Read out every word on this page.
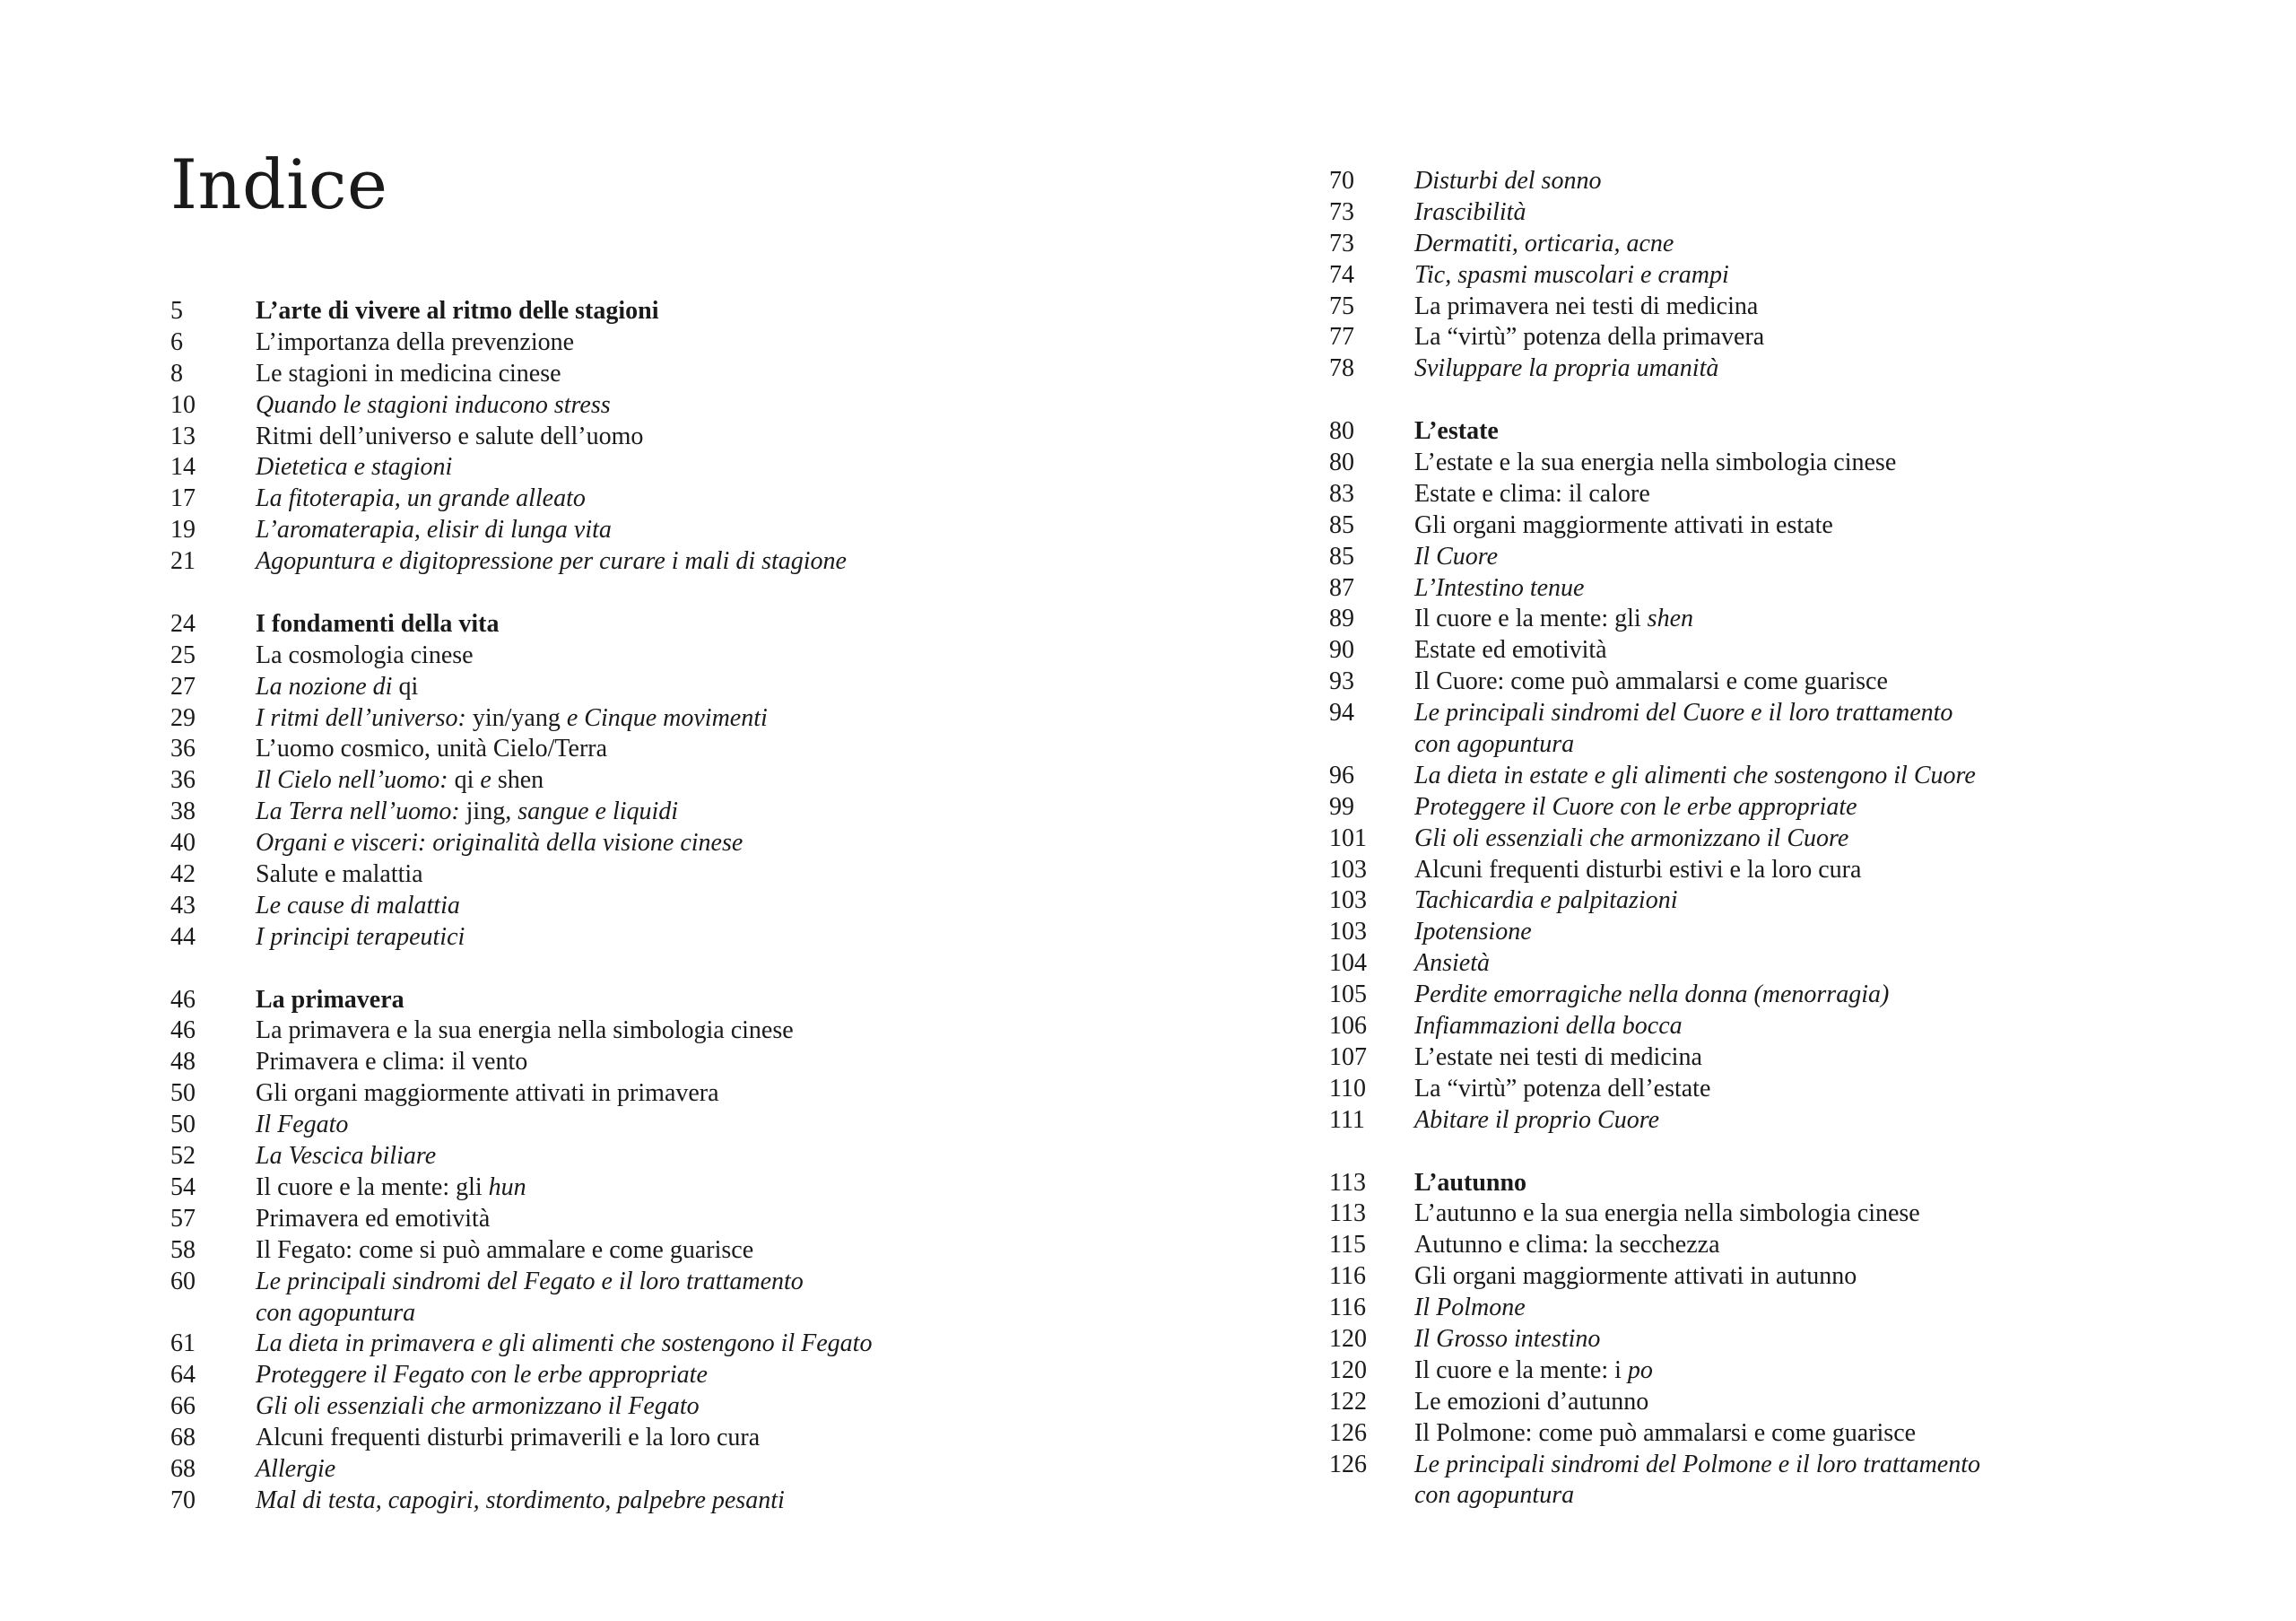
Indice
5	L’arte di vivere al ritmo delle stagioni
6	L’importanza della prevenzione
8	Le stagioni in medicina cinese
10	Quando le stagioni inducono stress
13	Ritmi dell’universo e salute dell’uomo
14	Dietetica e stagioni
17	La fitoterapia, un grande alleato
19	L’aromaterapia, elisir di lunga vita
21	Agopuntura e digitopressione per curare i mali di stagione
24	I fondamenti della vita
25	La cosmologia cinese
27	La nozione di qi
29	I ritmi dell’universo: yin/yang e Cinque movimenti
36	L’uomo cosmico, unità Cielo/Terra
36	Il Cielo nell’uomo: qi e shen
38	La Terra nell’uomo: jing, sangue e liquidi
40	Organi e visceri: originalità della visione cinese
42	Salute e malattia
43	Le cause di malattia
44	I principi terapeutici
46	La primavera
46	La primavera e la sua energia nella simbologia cinese
48	Primavera e clima: il vento
50	Gli organi maggiormente attivati in primavera
50	Il Fegato
52	La Vescica biliare
54	Il cuore e la mente: gli hun
57	Primavera ed emotività
58	Il Fegato: come si può ammalare e come guarisce
60	Le principali sindromi del Fegato e il loro trattamento
con agopuntura
61	La dieta in primavera e gli alimenti che sostengono il Fegato
64	Proteggere il Fegato con le erbe appropriate
66	Gli oli essenziali che armonizzano il Fegato
68	Alcuni frequenti disturbi primaverili e la loro cura
68	Allergie
70	Mal di testa, capogiri, stordimento, palpebre pesanti
70	Disturbi del sonno
73	Irascibilità
73	Dermatiti, orticaria, acne
74	Tic, spasmi muscolari e crampi
75	La primavera nei testi di medicina
77	La “virtù” potenza della primavera
78	Sviluppare la propria umanità
80	L’estate
80	L’estate e la sua energia nella simbologia cinese
83	Estate e clima: il calore
85	Gli organi maggiormente attivati in estate
85	Il Cuore
87	L’Intestino tenue
89	Il cuore e la mente: gli shen
90	Estate ed emotività
93	Il Cuore: come può ammalarsi e come guarisce
94	Le principali sindromi del Cuore e il loro trattamento
con agopuntura
96	La dieta in estate e gli alimenti che sostengono il Cuore
99	Proteggere il Cuore con le erbe appropriate
101	Gli oli essenziali che armonizzano il Cuore
103	Alcuni frequenti disturbi estivi e la loro cura
103	Tachicardia e palpitazioni
103	Ipotensione
104	Ansietà
105	Perdite emorragiche nella donna (menorragia)
106	Infiammazioni della bocca
107	L’estate nei testi di medicina
110	La “virtù” potenza dell’estate
111	Abitare il proprio Cuore
113	L’autunno
113	L’autunno e la sua energia nella simbologia cinese
115	Autunno e clima: la secchezza
116	Gli organi maggiormente attivati in autunno
116	Il Polmone
120	Il Grosso intestino
120	Il cuore e la mente: i po
122	Le emozioni d’autunno
126	Il Polmone: come può ammalarsi e come guarisce
126	Le principali sindromi del Polmone e il loro trattamento
con agopuntura
